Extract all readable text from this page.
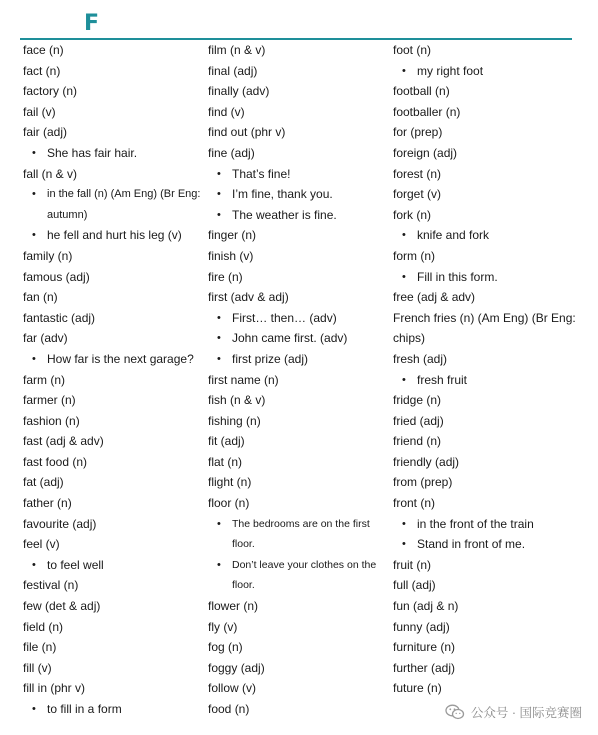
F
face (n)
fact (n)
factory (n)
fail (v)
fair (adj)
• She has fair hair.
fall (n & v)
• in the fall (n) (Am Eng) (Br Eng: autumn)
• he fell and hurt his leg (v)
family (n)
famous (adj)
fan (n)
fantastic (adj)
far (adv)
• How far is the next garage?
farm (n)
farmer (n)
fashion (n)
fast (adj & adv)
fast food (n)
fat (adj)
father (n)
favourite (adj)
feel (v)
• to feel well
festival (n)
few (det & adj)
field (n)
file (n)
fill (v)
fill in (phr v)
• to fill in a form
film (n & v)
final (adj)
finally (adv)
find (v)
find out (phr v)
fine (adj)
• That’s fine!
• I’m fine, thank you.
• The weather is fine.
finger (n)
finish (v)
fire (n)
first (adv & adj)
• First… then… (adv)
• John came first. (adv)
• first prize (adj)
first name (n)
fish (n & v)
fishing (n)
fit (adj)
flat (n)
flight (n)
floor (n)
• The bedrooms are on the first floor.
• Don’t leave your clothes on the floor.
flower (n)
fly (v)
fog (n)
foggy (adj)
follow (v)
food (n)
foot (n)
• my right foot
football (n)
footballer (n)
for (prep)
foreign (adj)
forest (n)
forget (v)
fork (n)
• knife and fork
form (n)
• Fill in this form.
free (adj & adv)
French fries (n) (Am Eng) (Br Eng: chips)
fresh (adj)
• fresh fruit
fridge (n)
fried (adj)
friend (n)
friendly (adj)
from (prep)
front (n)
• in the front of the train
• Stand in front of me.
fruit (n)
full (adj)
fun (adj & n)
funny (adj)
furniture (n)
further (adj)
future (n)
公众号 · 国际竞赛圈
